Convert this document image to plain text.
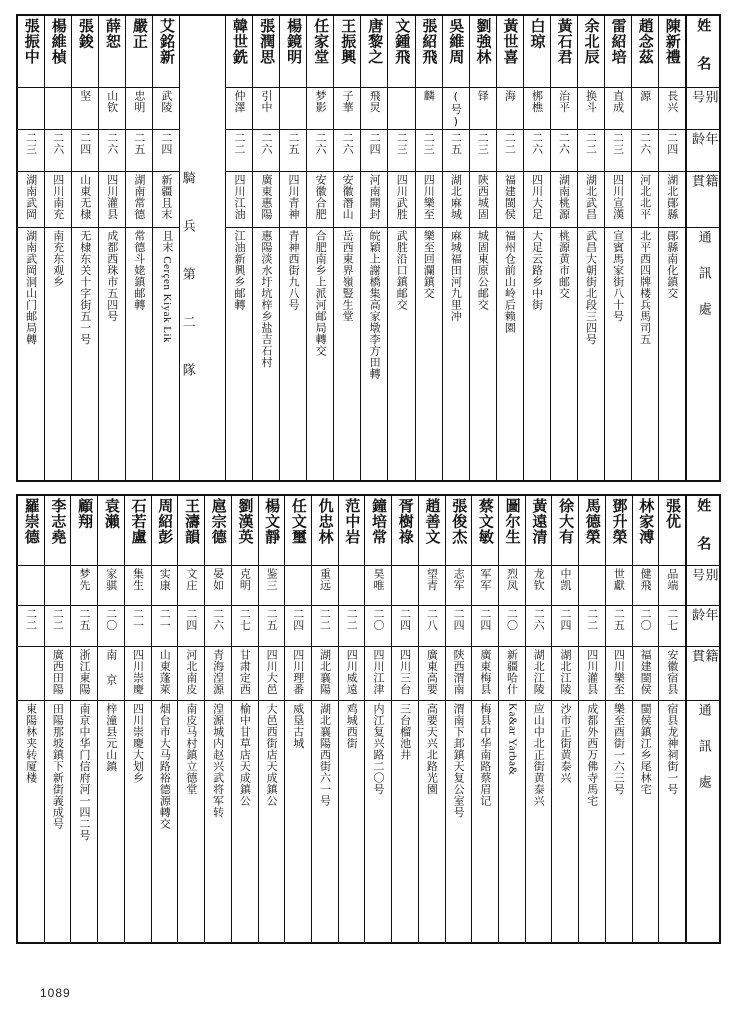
姓 名
别 号
年 龄
籍 貫
通 訊 處
陳新禮
長兴
二四
湖北鄖縣
鄖縣南化鎮交
趙念茲
源
二六
河北北平
北平西四牌楼兵馬司五
雷紹培
直成
二三
四川宣漢
宣賓馬家街八十号
余北辰
换斗
二二
湖北武昌
武昌大朝街北段三四号
黃石君
治平
二六
湖南桃源
桃源黄市邮交
白琼
梆樵
二六
四川大足
大足云路乡中街
黃世喜
海
二二
福建閩侯
福州仓前山岭后赖園
劉強林
铎
二三
陝西城固
城固東原公邮交
吳維周
(号)
二五
湖北麻城
麻城福田河九里冲
張紹飛
麟
二三
四川樂至
樂至回瀾鎮交
文鍾飛
二三
四川武胜
武胜沿口鎮邮交
唐黎之
飛炅
二四
河南開封
皖穎上謝橋集高家墩李方田轉
王振興
子華
二六
安徽潛山
岳西東界嶺豎生堂
任家堂
梦影
二六
安徽合肥
合肥南乡上派河邮局轉交
楊鏡明
二五
四川青神
青神西街九八号
張潤思
引中
二六
廣東惠陽
惠陽淡水圩坑梓乡盐吉石村
韓世銑
仲澤
二二
四川江油
江油新興乡邮轉
騎 兵 第 二 隊
艾銘新
武陵
二四
新疆且末
且末 Cerçen Kiyak Lik
嚴正
忠明
二五
湖南常德
常德斗姥鎮邮轉
薛恕
山钦
二六
四川灌县
成都西珠市五四号
張鋑
坚
二四
山東无棣
无棣东关十字街五一号
楊維楨
二六
四川南充
南充东观乡
張振中
二三
湖南武岡
湖南武岡洞山门邮局轉
姓 名
别 号
年 龄
籍 貫
通 訊 處
張优
品端
二七
安徽宿县
宿县龙神祠街一号
林家溥
健飛
二〇
福建閩侯
閩侯鎮江乡尾林宅
鄧升榮
世獻
二五
四川樂至
樂至酉街一六三号
馬德榮
二二
四川灌县
成都外西万佛寺馬宅
徐大有
中凯
二四
湖北江陵
沙市正街黄泰兴
黃遠清
龙钦
二六
湖北江陵
应山中北正街黄泰兴
圖尔生
烈凤
二〇
新疆哈什
Ka&ar Yarba&
蔡文敏
军军
二四
廣東梅县
梅县中华南路蔡眉记
張俊杰
志军
二四
陝西渭南
渭南下邽鎮天复公室号
趙善文
望青
二八
廣東高要
高要天兴北路光園
胥樹祿
二四
四川三台
三台榴池井
鐘培常
昊唯
二〇
四川江津
内江复兴路二〇号
范中岩
二二
四川威遠
鸡城西街
仇忠林
重远
二二
湖北襄陽
湖北襄陽西街六一号
任文璽
二四
四川理番
威垦古城
楊文靜
鉴三
二五
四川大邑
大邑西街店天成鎮公
劉漢英
克明
二七
甘肃定西
榆中甘草店天成鎮公
扈宗德
晏如
二六
青海湟源
湟源城内赵兴武将军转
王濤韻
文庄
二四
河北南皮
南皮马村鎮立德堂
周紹彭
实康
二一
山東蓬萊
烟台市大马路裕德源轉交
石若盧
集生
二一
四川崇慶
四川崇慶大划乡
袁瀨
家骐
二〇
南 京
梓潼县元山鎮
顧翔
梦先
二五
浙江東陽
南京中华门信府河一四二号
李志堯
二二
廣西田陽
田陽那坡鎮下新街義成号
羅崇德
二二
東陽林夹转厦楼
1089
